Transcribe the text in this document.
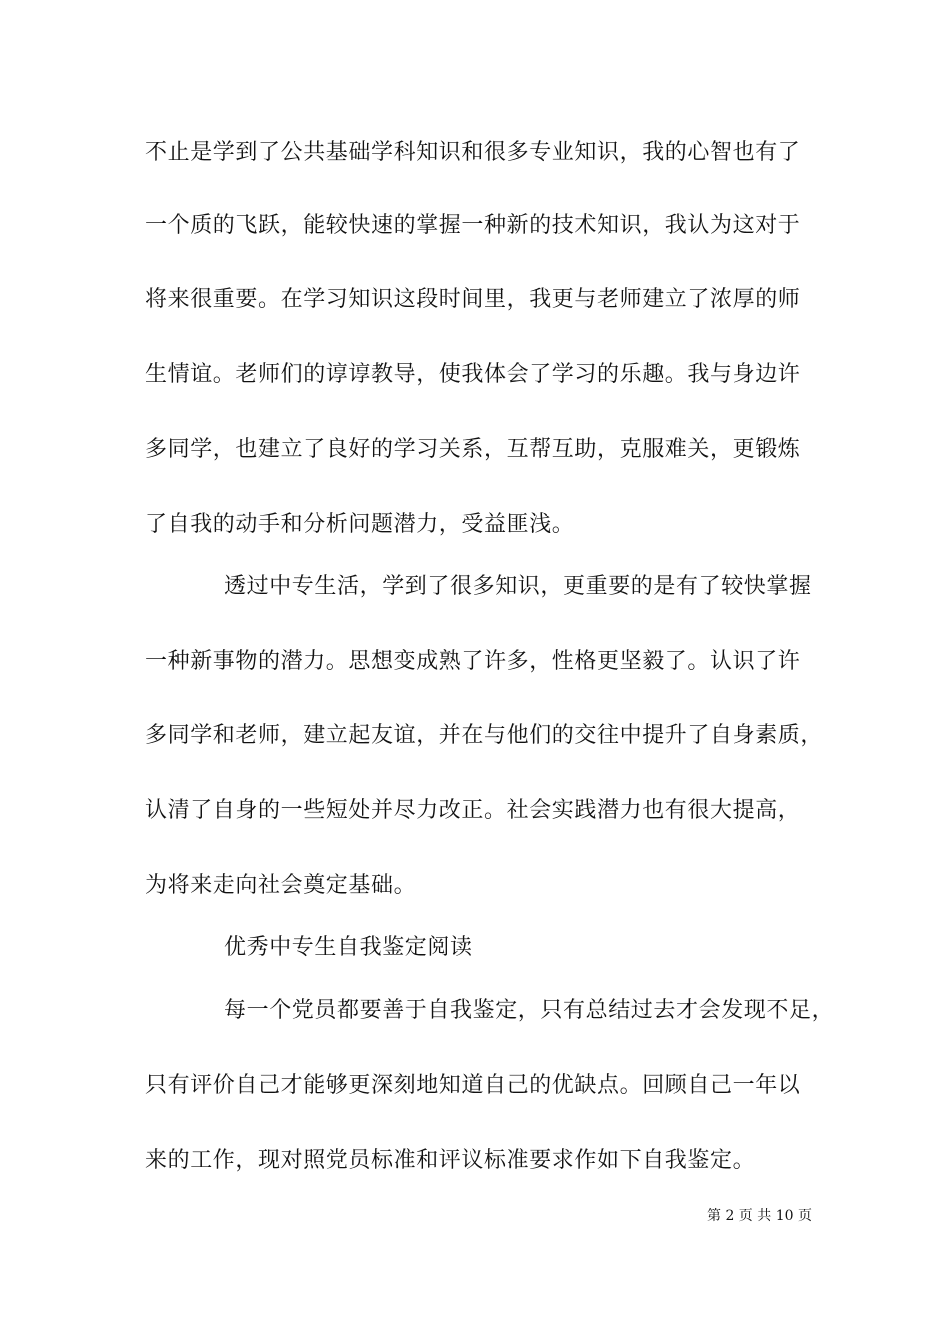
不止是学到了公共基础学科知识和很多专业知识，我的心智也有了
一个质的飞跃，能较快速的掌握一种新的技术知识，我认为这对于
将来很重要。在学习知识这段时间里，我更与老师建立了浓厚的师
生情谊。老师们的谆谆教导，使我体会了学习的乐趣。我与身边许
多同学，也建立了良好的学习关系，互帮互助，克服难关，更锻炼
了自我的动手和分析问题潜力，受益匪浅。
透过中专生活，学到了很多知识，更重要的是有了较快掌握
一种新事物的潜力。思想变成熟了许多，性格更坚毅了。认识了许
多同学和老师，建立起友谊，并在与他们的交往中提升了自身素质，
认清了自身的一些短处并尽力改正。社会实践潜力也有很大提高，
为将来走向社会奠定基础。
优秀中专生自我鉴定阅读
每一个党员都要善于自我鉴定，只有总结过去才会发现不足，
只有评价自己才能够更深刻地知道自己的优缺点。回顾自己一年以
来的工作，现对照党员标准和评议标准要求作如下自我鉴定。
第 2 页 共 10 页
